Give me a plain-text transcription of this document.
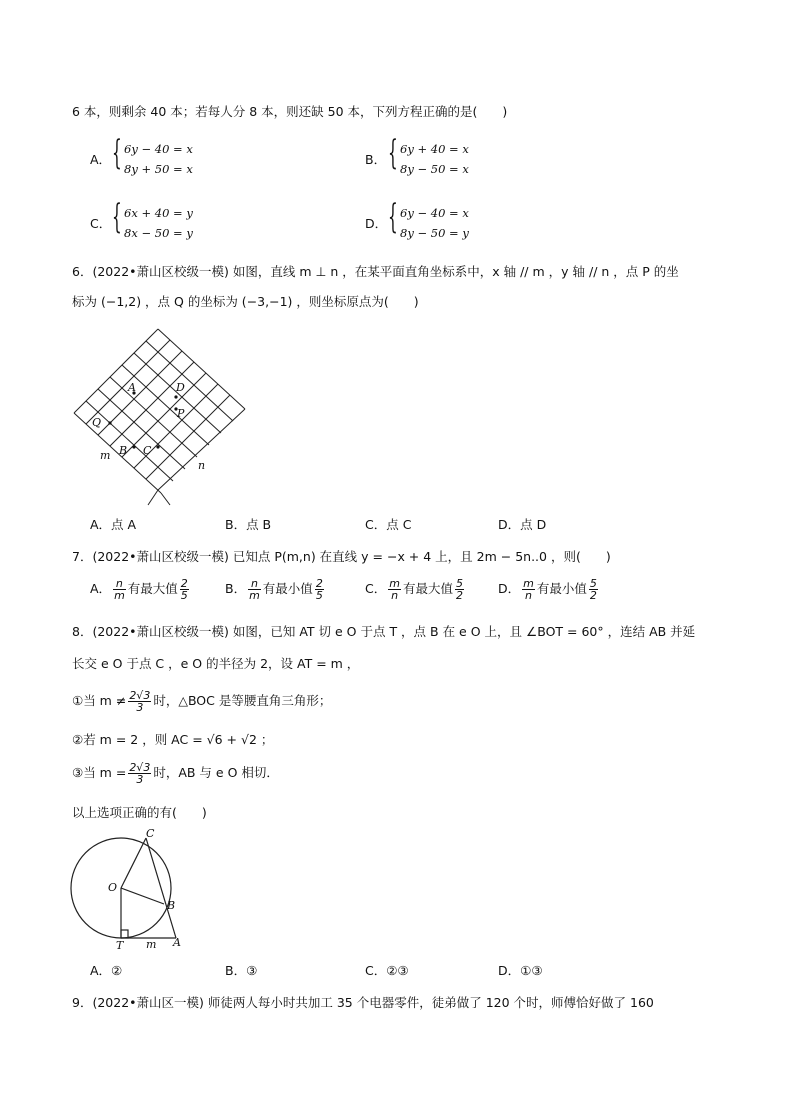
6 本，则剩余 40 本；若每人分 8 本，则还缺 50 本，下列方程正确的是(　　)
A． { 6y − 40 = x
8y + 50 = x
B． { 6y + 40 = x
8y − 50 = x
C． { 6x + 40 = y
8x − 50 = y
D． { 6y − 40 = x
8y − 50 = y
6．(2022•萧山区校级一模) 如图，直线 m ⊥ n ，在某平面直角坐标系中，x 轴 // m ，y 轴 // n ，点 P 的坐
标为 (−1,2) ，点 Q 的坐标为 (−3,−1) ，则坐标原点为(　　)
A	D
P
Q
B C
m
n
A．点 A	B．点 B	C．点 C	D．点 D
7．(2022•萧山区校级一模) 已知点 P(m,n) 在直线 y = −x + 4 上，且 2m − 5n..0 ，则(　　)
A． $\frac{n}{m}$ 有最大值 $\frac{2}{5}$	B． $\frac{n}{m}$ 有最小值 $\frac{2}{5}$	C． $\frac{m}{n}$ 有最大值 $\frac{5}{2}$	D． $\frac{m}{n}$ 有最小值 $\frac{5}{2}$
8．(2022•萧山区校级一模) 如图，已知 AT 切 e O 于点 T ，点 B 在 e O 上，且 ∠BOT = 60° ，连结 AB 并延
长交 e O 于点 C ，e O 的半径为 2，设 AT = m ，
①当 $m \ne \frac{2√3}{3}$ 时，△BOC 是等腰直角三角形；
②若 m = 2 ，则 AC = √6 + √2 ；
③当 $m = \frac{2√3}{3}$ 时，AB 与 e O 相切．
以上选项正确的有(　　)
C
O
B
T m A
A．②	B．③	C．②③	D．①③
9．(2022•萧山区一模) 师徒两人每小时共加工 35 个电器零件，徒弟做了 120 个时，师傅恰好做了 160
